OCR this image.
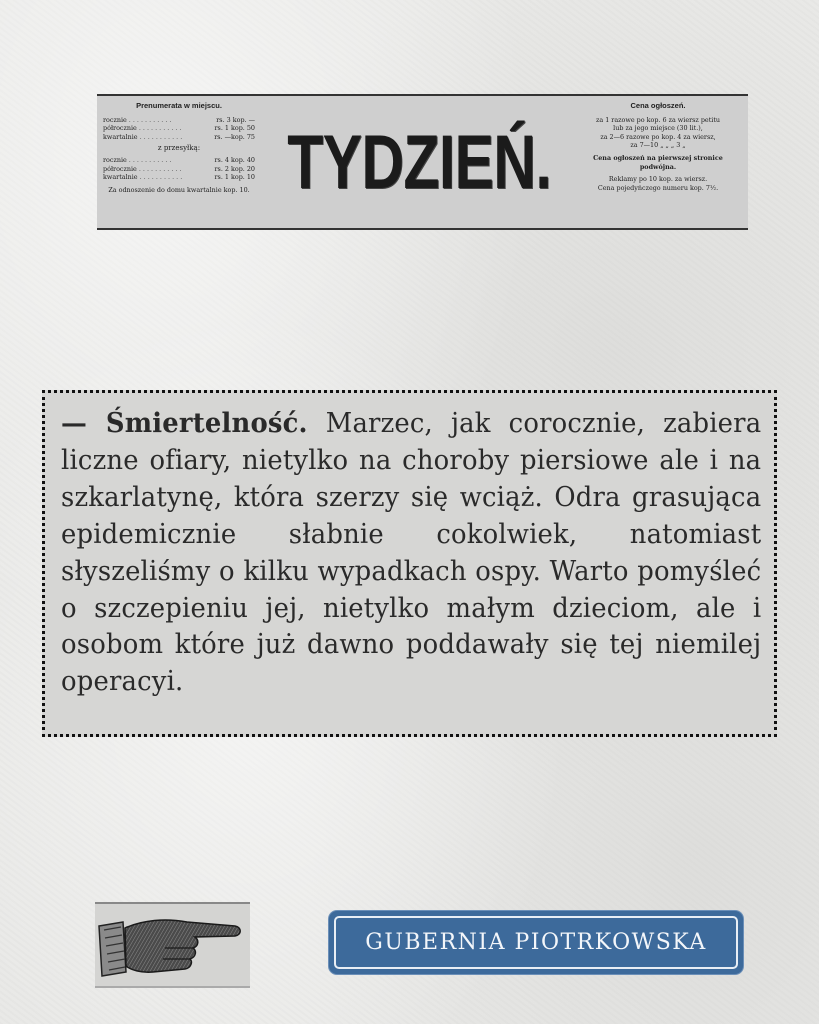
Prenumerata w miejscu.
rocznie . . . . . . . . . . .	rs. 3 kop. —
półrocznie . . . . . . . . . . .	rs. 1 kop. 50
kwartalnie . . . . . . . . . . .	rs. —kop. 75
z przesyłką:
rocznie . . . . . . . . . . .	rs. 4 kop. 40
półrocznie . . . . . . . . . . .	rs. 2 kop. 20
kwartalnie . . . . . . . . . . .	rs. 1 kop. 10
Za odnoszenie do domu kwartalnie kop. 10. TYDZIEŃ.
Cena ogłoszeń.
za 1 razowe po kop. 6 za wiersz petitu
lub za jego miejsce (30 lit.),
za 2—6 razowe po kop. 4 za wiersz,
za 7—10 „ „ „ 3 „
Cena ogłoszeń na pierwszej stronice podwójna.
Reklamy po 10 kop. za wiersz.
Cena pojedyńczego numeru kop. 7½.
— Śmiertelność. Marzec, jak corocznie, zabiera liczne ofiary, nietylko na choroby piersiowe ale i na szkarlatynę, która szerzy się wciąż. Odra grasująca epidemicznie słabnie cokolwiek, natomiast słyszeliśmy o kilku wypadkach ospy. Warto pomyśleć o szczepieniu jej, nietylko małym dzieciom, ale i osobom które już dawno poddawały się tej niemilej operacyi.
GUBERNIA PIOTRKOWSKA
